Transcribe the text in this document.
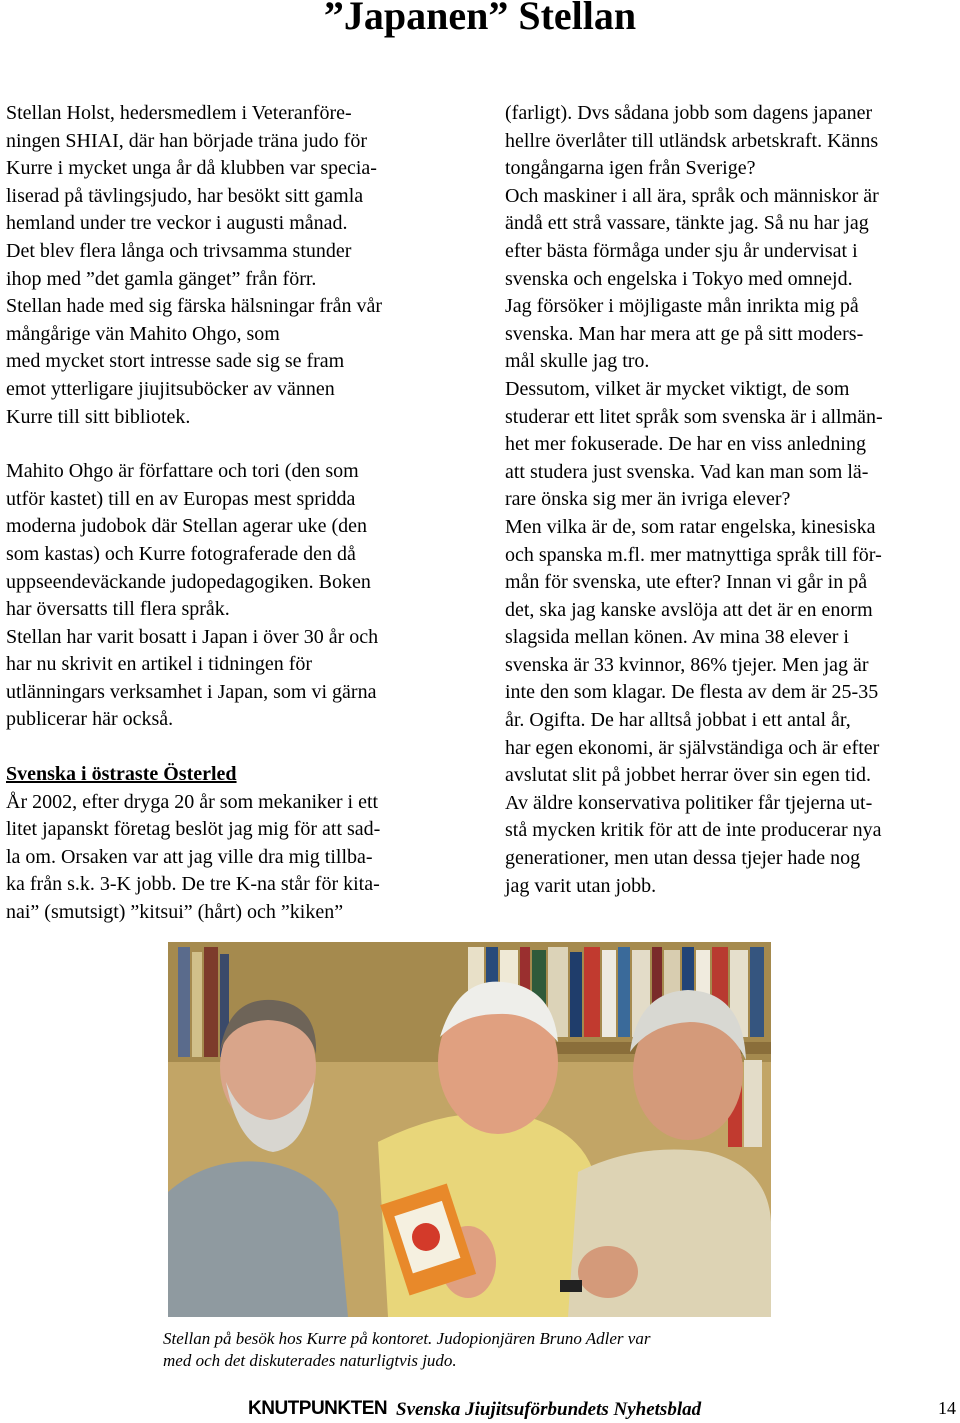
”Japanen” Stellan
Stellan Holst, hedersmedlem i Veteranföre-
ningen SHIAI, där han började träna judo för
Kurre i mycket unga år då klubben var specia-
liserad på tävlingsjudo, har besökt sitt gamla
hemland under tre veckor i augusti månad.
Det blev flera långa och trivsamma stunder
ihop med ”det gamla gänget” från förr.
Stellan hade med sig färska hälsningar från vår
mångårige vän Mahito Ohgo, som
med mycket stort intresse sade sig se fram
emot ytterligare jiujitsuböcker av vännen
Kurre till sitt bibliotek.
Mahito Ohgo är författare och tori (den som
utför kastet) till en av Europas mest spridda
moderna judobok där Stellan agerar uke (den
som kastas) och Kurre fotograferade den då
uppseendeväckande judopedagogiken. Boken
har översatts till flera språk.
Stellan har varit bosatt i Japan i över 30 år och
har nu skrivit en artikel i tidningen för
utlänningars verksamhet i Japan, som vi gärna
publicerar här också.
Svenska i östraste Österled
År 2002, efter dryga 20 år som mekaniker i ett
litet japanskt företag beslöt jag mig för att sad-
la om. Orsaken var att jag ville dra mig tillba-
ka från s.k. 3-K jobb. De tre K-na står för kita-
nai” (smutsigt) ”kitsui” (hårt) och ”kiken”
(farligt). Dvs sådana jobb som dagens japaner
hellre överlåter till utländsk arbetskraft. Känns
tongångarna igen från Sverige?
Och maskiner i all ära, språk och människor är
ändå ett strå vassare, tänkte jag. Så nu har jag
efter bästa förmåga under sju år undervisat i
svenska och engelska i Tokyo med omnejd.
Jag försöker i möjligaste mån inrikta mig på
svenska. Man har mera att ge på sitt moders-
mål skulle jag tro.
Dessutom, vilket är mycket viktigt, de som
studerar ett litet språk som svenska är i allmän-
het mer fokuserade. De har en viss anledning
att studera just svenska. Vad kan man som lä-
rare önska sig mer än ivriga elever?
Men vilka är de, som ratar engelska, kinesiska
och spanska m.fl. mer matnyttiga språk till för-
mån för svenska, ute efter? Innan vi går in på
det, ska jag kanske avslöja att det är en enorm
slagsida mellan könen. Av mina 38 elever i
svenska är 33 kvinnor, 86% tjejer. Men jag är
inte den som klagar. De flesta av dem är 25-35
år. Ogifta. De har alltså jobbat i ett antal år,
har egen ekonomi, är självständiga och är efter
avslutat slit på jobbet herrar över sin egen tid.
Av äldre konservativa politiker får tjejerna ut-
stå mycken kritik för att de inte producerar nya
generationer, men utan dessa tjejer hade nog
jag varit utan jobb.
Stellan på besök hos Kurre på kontoret. Judopionjären Bruno Adler var
med och det diskuterades naturligtvis judo.
KNUTPUNKTEN Svenska Jiujitsuförbundets Nyhetsblad	14
